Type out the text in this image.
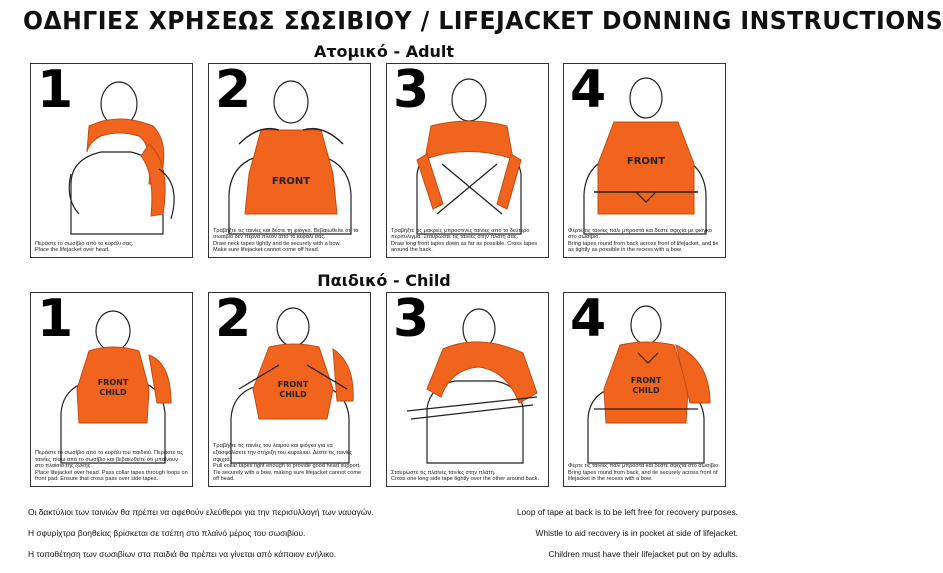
ΟΔΗΓΙΕΣ ΧΡΗΣΕΩΣ ΣΩΣΙΒΙΟΥ / LIFEJACKET DONNING INSTRUCTIONS
Ατομικό - Adult
Παιδικό - Child
1
Περάστε το σωσίβιο από το κεφάλι σας.
Place the lifejacket over head.
2
FRONT
Τραβήξτε τις ταινίες και δέστε τη φιόγκο. Βεβαιωθείτε ότι το σωσίβιο δεν περνά πλέον από το κεφάλι σας.
Draw neck tapes tightly and tie securely with a bow.
Make sure lifejacket cannot come off head.
3
Τραβήξτε τις μακριές μπροστινές ταινίες από το δεύτερο περιτύλιγμα. Σταυρώστε τις ταινίες στην πλάτη σας.
Draw long front tapes down as far as possible. Cross tapes around the back.
4
FRONT
Φέρτε τις ταινίες πάλι μπροστά και δέστε σφιχτά με φιόγκο στο σωσίβιο.
Bring tapes round from back across front of lifejacket, and tie as tightly as possible in the recess with a bow.
1
FRONT CHILD
Περάστε το σωσίβιο από το κεφάλι του παιδιού. Περάστε τις ταινίες πίσω από το σωσίβιο και βεβαιωθείτε ότι μπαίνουν στο πλαίσιο της ζώνης.
Place lifejacket over head. Pass collar tapes through loops on front pad. Ensure that cross pass over side tapes.
2
FRONT CHILD
Τραβήξτε τις ταινίες του λαιμού και φιόγκο για να εξασφαλίσετε την στήριξη του κεφαλιού. Δέστε τις ταινίες σφιχτά.
Pull collar tapes tight enough to provide good head support. Tie securely with a bow, making sure lifejacket cannot come off head.
3
Σταυρώστε τις πλαϊνές ταινίες στην πλάτη.
Cross one long side tape tightly over the other around back.
4
FRONT CHILD
Φέρτε τις ταινίες πάλι μπροστά και δέστε σφιχτά στο σωσίβιο.
Bring tapes round from back, and tie securely across front of lifejacket in the recess with a bow.
Οι δακτύλιοι των ταινιών θα πρέπει να αφεθούν ελεύθεροι για την περισυλλογή των ναυαγών.	Loop of tape at back is to be left free for recovery purposes.
Η σφυρίχτρα βοηθείας βρίσκεται σε τσέπη στο πλαϊνό μέρος του σωσιβίου.	Whistle to aid recovery is in pocket at side of lifejacket.
Η τοποθέτηση των σωσιβίων στα παιδιά θα πρέπει να γίνεται από κάποιον ενήλικο.	Children must have their lifejacket put on by adults.
